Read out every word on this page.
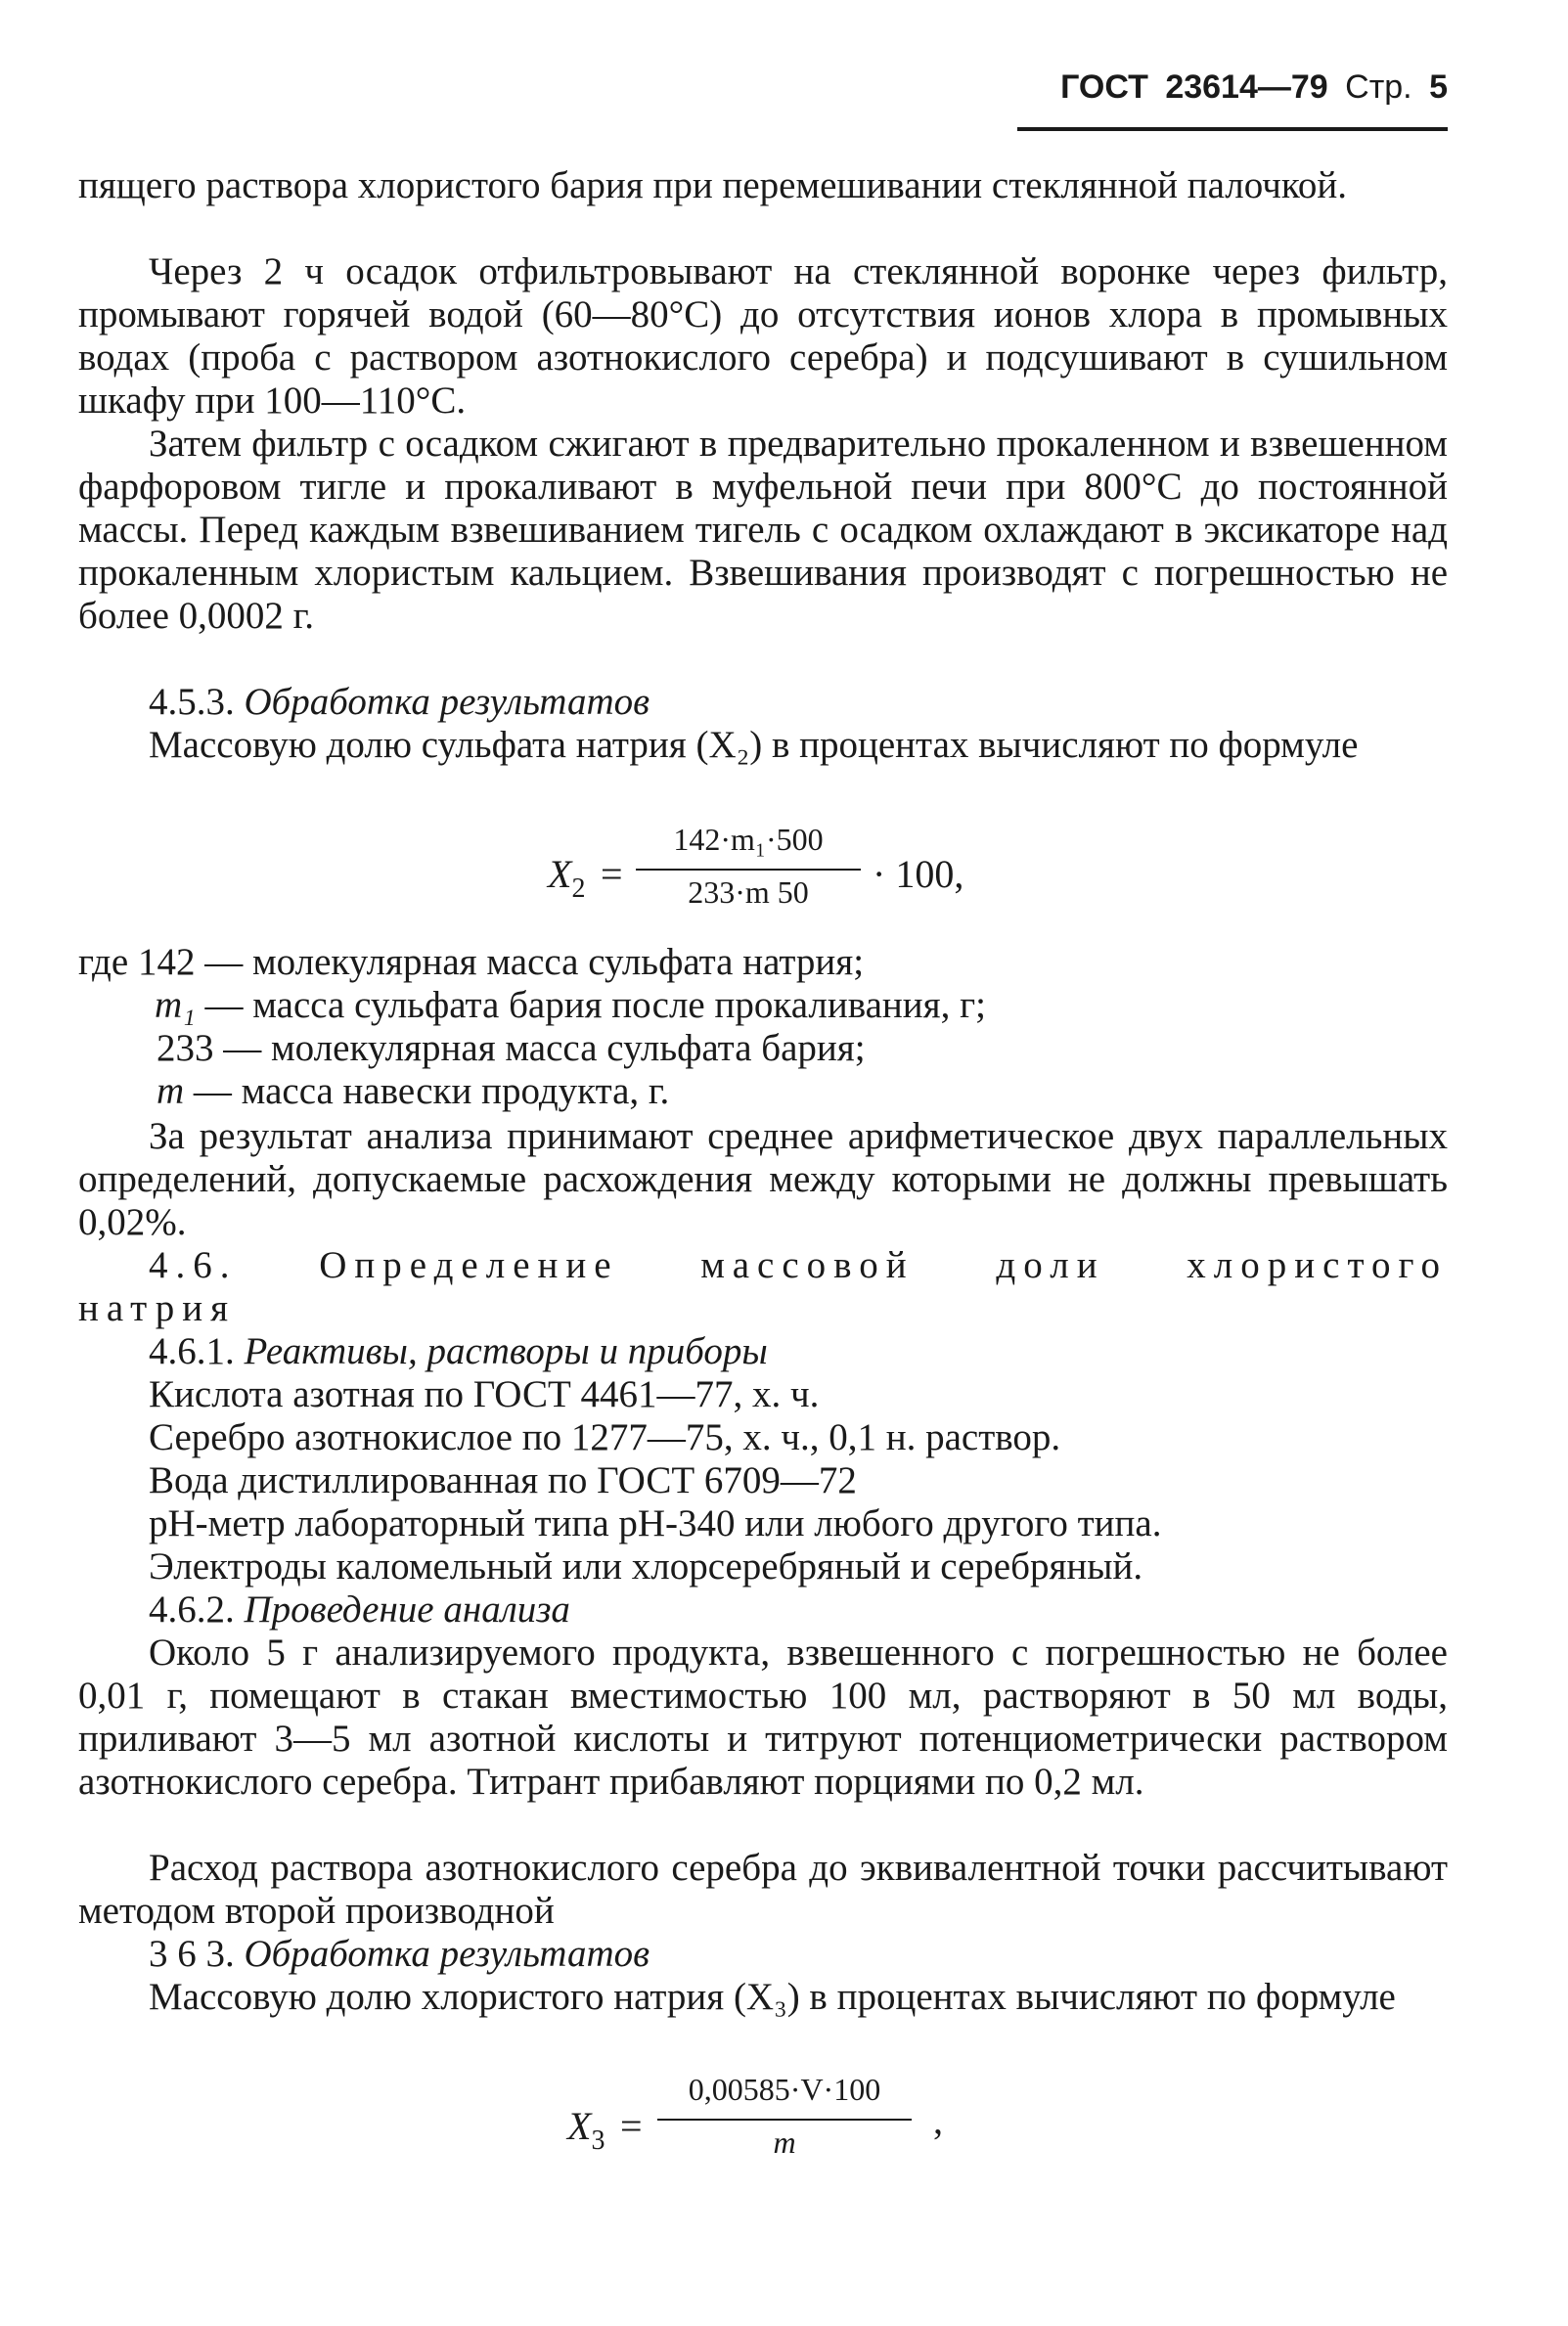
ГОСТ 23614—79 Стр. 5
пящего раствора хлористого бария при перемешивании стеклянной палочкой.
Через 2 ч осадок отфильтровывают на стеклянной воронке через фильтр, промывают горячей водой (60—80°С) до отсутствия ионов хлора в промывных водах (проба с раствором азотнокислого серебра) и подсушивают в сушильном шкафу при 100—110°С.
Затем фильтр с осадком сжигают в предварительно прокаленном и взвешенном фарфоровом тигле и прокаливают в муфельной печи при 800°С до постоянной массы. Перед каждым взвешиванием тигель с осадком охлаждают в эксикаторе над прокаленным хлористым кальцием. Взвешивания производят с погрешностью не более 0,0002 г.
4.5.3. Обработка результатов
Массовую долю сульфата натрия (X₂) в процентах вычисляют по формуле
$X_2$ =
142·m₁·500
233·m 50	· 100,
где 142 — молекулярная масса сульфата натрия;
m₁ — масса сульфата бария после прокаливания, г;
233 — молекулярная масса сульфата бария;
m — масса навески продукта, г.
За результат анализа принимают среднее арифметическое двух параллельных определений, допускаемые расхождения между которыми не должны превышать 0,02%.
4.6. Определение массовой доли хлористого
натрия
4.6.1. Реактивы, растворы и приборы
Кислота азотная по ГОСТ 4461—77, х. ч.
Серебро азотнокислое по 1277—75, х. ч., 0,1 н. раствор.
Вода дистиллированная по ГОСТ 6709—72
pH-метр лабораторный типа pH-340 или любого другого типа.
Электроды каломельный или хлорсеребряный и серебряный.
4.6.2. Проведение анализа
Около 5 г анализируемого продукта, взвешенного с погрешностью не более 0,01 г, помещают в стакан вместимостью 100 мл, растворяют в 50 мл воды, приливают 3—5 мл азотной кислоты и титруют потенциометрически раствором азотнокислого серебра. Титрант прибавляют порциями по 0,2 мл.
Расход раствора азотнокислого серебра до эквивалентной точки рассчитывают методом второй производной
3 6 3. Обработка результатов
Массовую долю хлористого натрия (X₃) в процентах вычисляют по формуле
$X_3$ =
0,00585·V·100
m	,
